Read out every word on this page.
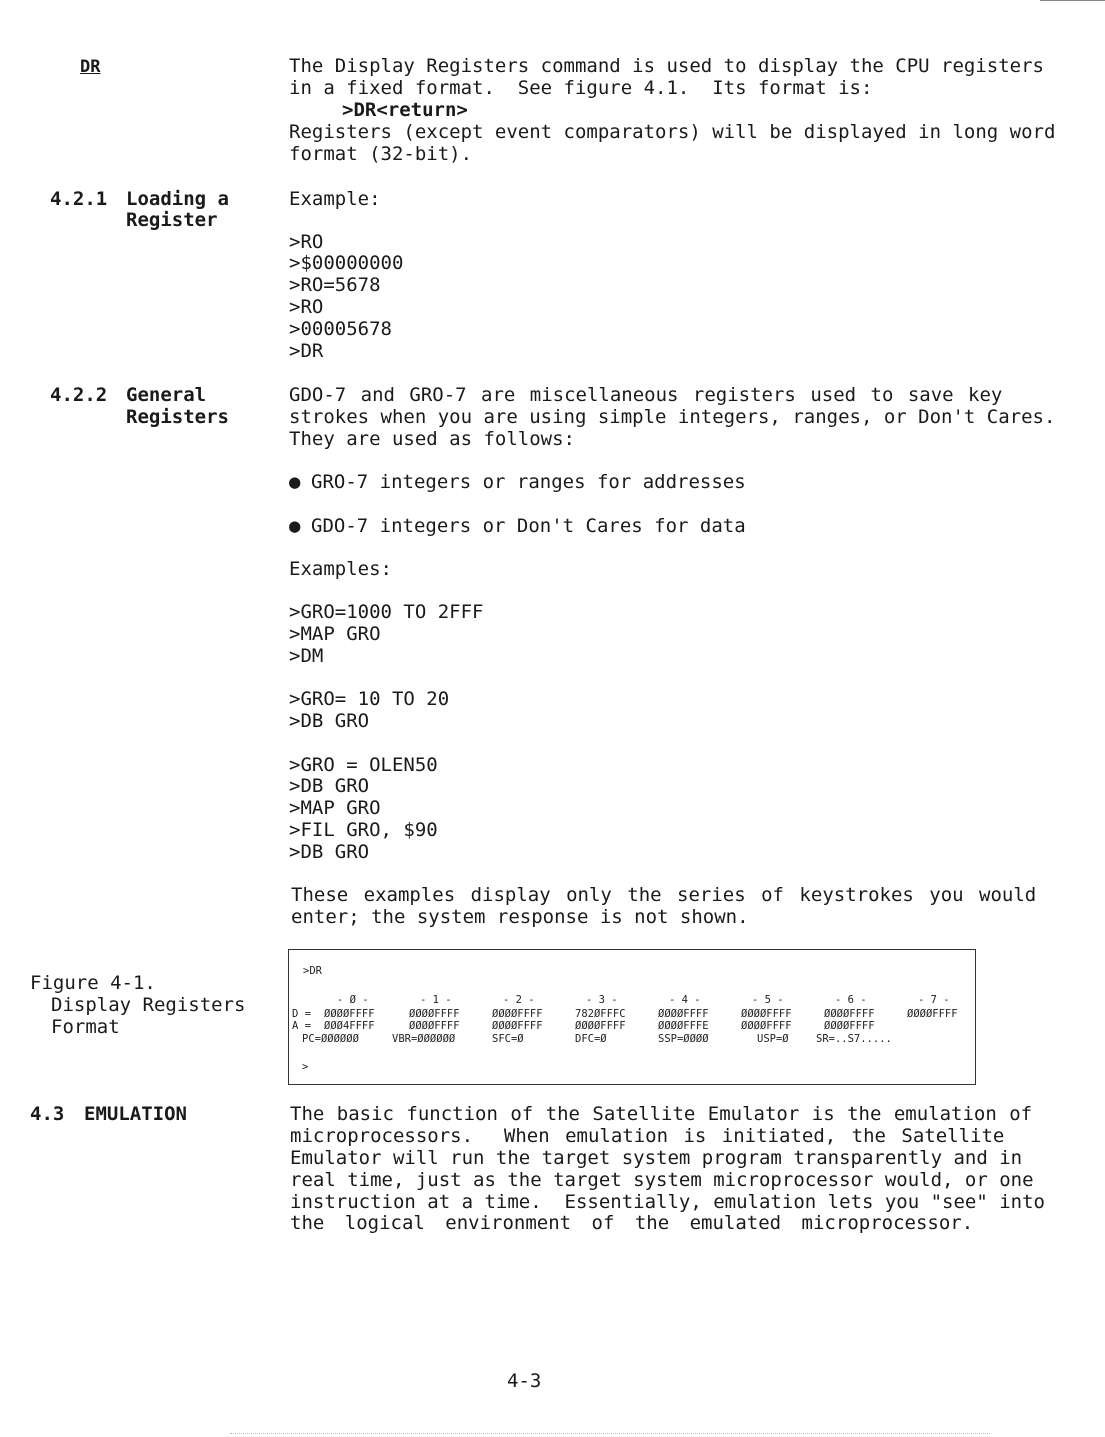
DR	The Display Registers command is used to display the CPU registers
in a fixed format.  See figure 4.1.  Its format is:
>DR<return>
Registers (except event comparators) will be displayed in long word
format (32-bit).
4.2.1 Loading a
Register
Example:
>RO
>$00000000
>RO=5678
>RO
>00005678
>DR
4.2.2 General
Registers
GDO-7 and GRO-7 are miscellaneous registers used to save key
strokes when you are using simple integers, ranges, or Don't Cares.
They are used as follows:
● GRO-7 integers or ranges for addresses
● GDO-7 integers or Don't Cares for data
Examples:
>GRO=1000 TO 2FFF
>MAP GRO
>DM
>GRO= 10 TO 20
>DB GRO
>GRO = OLEN50
>DB GRO
>MAP GRO
>FIL GRO, $90
>DB GRO
These examples display only the series of keystrokes you would
enter; the system response is not shown.
Figure 4-1.
Display Registers
Format
>DR
- Ø -	- 1 -	- 2 -	- 3 -	- 4 -	- 5 -	- 6 -	- 7 -
D = ØØØØFFFF	ØØØØFFFF	ØØØØFFFF	782ØFFFC	ØØØØFFFF	ØØØØFFFF	ØØØØFFFF	ØØØØFFFF
A = ØØØ4FFFF	ØØØØFFFF	ØØØØFFFF	ØØØØFFFF	ØØØØFFFE	ØØØØFFFF	ØØØØFFFF
PC=ØØØØØØ	VBR=ØØØØØØ	SFC=Ø	DFC=Ø	SSP=ØØØØ	USP=Ø	SR=..S7.....
>
4.3 EMULATION	The basic function of the Satellite Emulator is the emulation of
microprocessors.  When emulation is initiated, the Satellite
Emulator will run the target system program transparently and in
real time, just as the target system microprocessor would, or one
instruction at a time.  Essentially, emulation lets you "see" into
the logical environment of the emulated microprocessor.
4-3
